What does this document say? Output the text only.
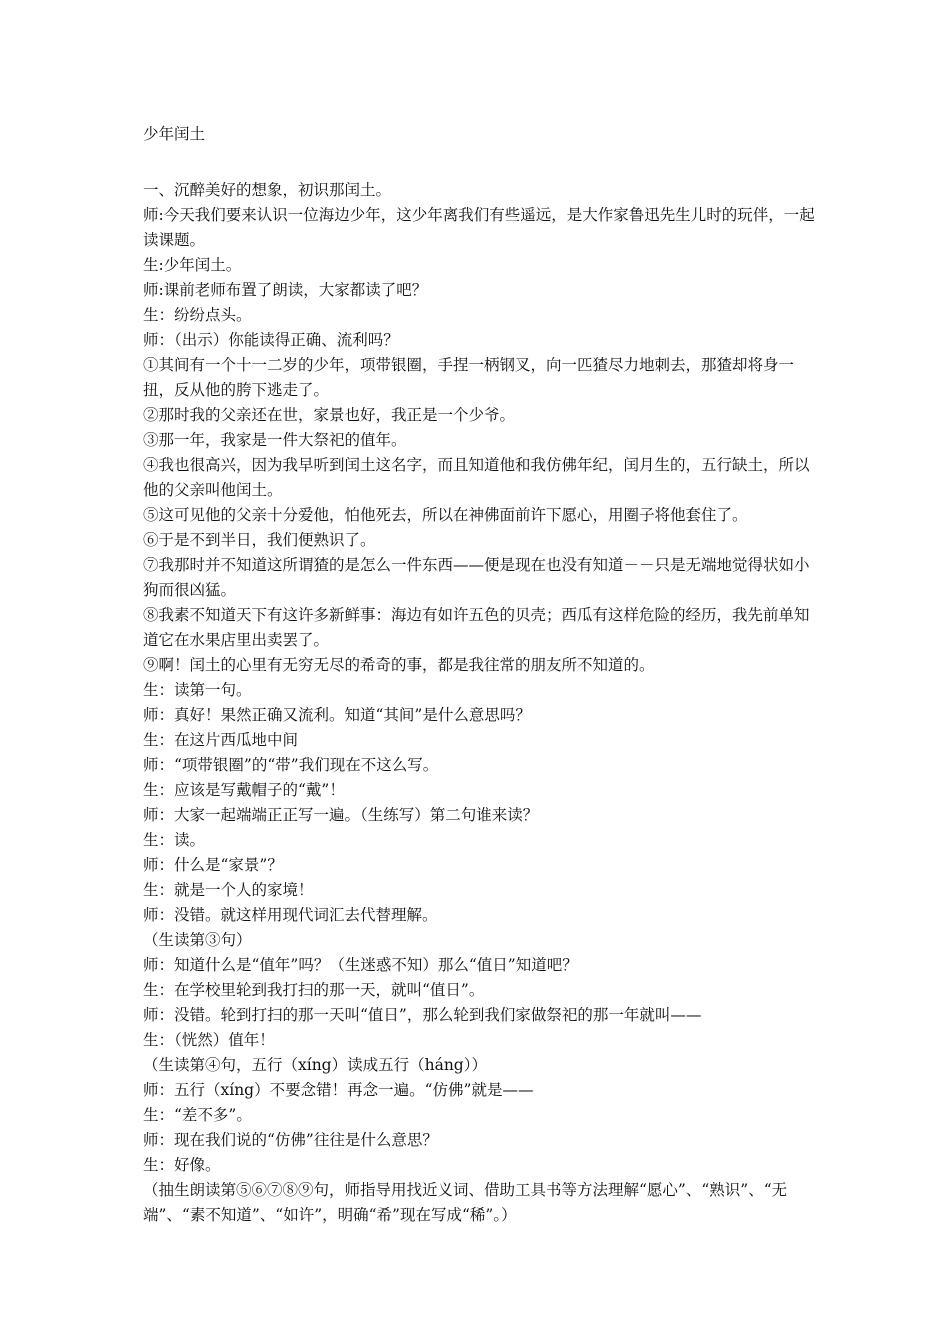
少年闰土

一、沉醉美好的想象，初识那闰土。

师:今天我们要来认识一位海边少年，这少年离我们有些遥远，是大作家鲁迅先生儿时的玩伴，一起读课题。

生:少年闰土。

师:课前老师布置了朗读，大家都读了吧？

生：纷纷点头。

师：（出示）你能读得正确、流利吗？

①其间有一个十一二岁的少年，项带银圈，手捏一柄钢叉，向一匹猹尽力地刺去，那猹却将身一扭，反从他的胯下逃走了。

②那时我的父亲还在世，家景也好，我正是一个少爷。

③那一年，我家是一件大祭祀的值年。

④我也很高兴，因为我早听到闰土这名字，而且知道他和我仿佛年纪，闰月生的，五行缺土，所以他的父亲叫他闰土。

⑤这可见他的父亲十分爱他，怕他死去，所以在神佛面前许下愿心，用圈子将他套住了。

⑥于是不到半日，我们便熟识了。

⑦我那时并不知道这所谓猹的是怎么一件东西——便是现在也没有知道－－只是无端地觉得状如小狗而很凶猛。

⑧我素不知道天下有这许多新鲜事：海边有如许五色的贝壳；西瓜有这样危险的经历，我先前单知道它在水果店里出卖罢了。

⑨啊！闰土的心里有无穷无尽的希奇的事，都是我往常的朋友所不知道的。

生：读第一句。

师：真好！果然正确又流利。知道“其间”是什么意思吗？

生：在这片西瓜地中间

师：“项带银圈”的“带”我们现在不这么写。

生：应该是写戴帽子的“戴”！

师：大家一起端端正正写一遍。（生练写）第二句谁来读？

生：读。

师：什么是“家景”？

生：就是一个人的家境！

师：没错。就这样用现代词汇去代替理解。

（生读第③句）

师：知道什么是“值年”吗？（生迷惑不知）那么“值日”知道吧？

生：在学校里轮到我打扫的那一天，就叫“值日”。

师：没错。轮到打扫的那一天叫“值日”，那么轮到我们家做祭祀的那一年就叫——

生：（恍然）值年！

（生读第④句，五行（xíng）读成五行（háng））

师：五行（xíng）不要念错！再念一遍。“仿佛”就是——

生：“差不多”。

师：现在我们说的“仿佛”往往是什么意思？

生：好像。

（抽生朗读第⑤⑥⑦⑧⑨句，师指导用找近义词、借助工具书等方法理解“愿心”、“熟识”、“无端”、“素不知道”、“如许”，明确“希”现在写成“稀”。）
